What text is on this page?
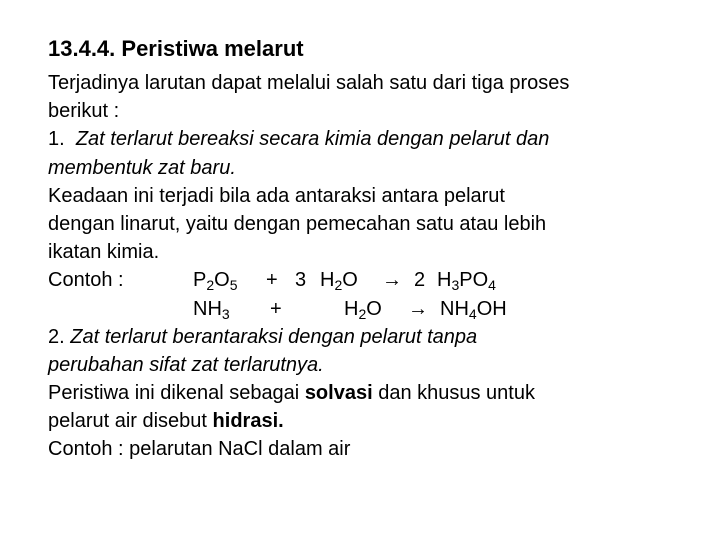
13.4.4. Peristiwa melarut
Terjadinya larutan dapat melalui salah satu dari tiga proses
berikut :
1. Zat terlarut bereaksi secara kimia dengan pelarut dan
membentuk zat baru.
Keadaan ini terjadi bila ada antaraksi antara pelarut
dengan linarut, yaitu dengan pemecahan satu atau lebih
ikatan kimia.
Contoh :	$P_2O_5 + 3$ $H_2O \to 2$ $H_3PO_4$
$NH_3$ +	$H_2O \to NH_4OH$
2. Zat terlarut berantaraksi dengan pelarut tanpa
perubahan sifat zat terlarutnya.
Peristiwa ini dikenal sebagai solvasi dan khusus untuk
pelarut air disebut hidrasi.
Contoh : pelarutan NaCl dalam air
